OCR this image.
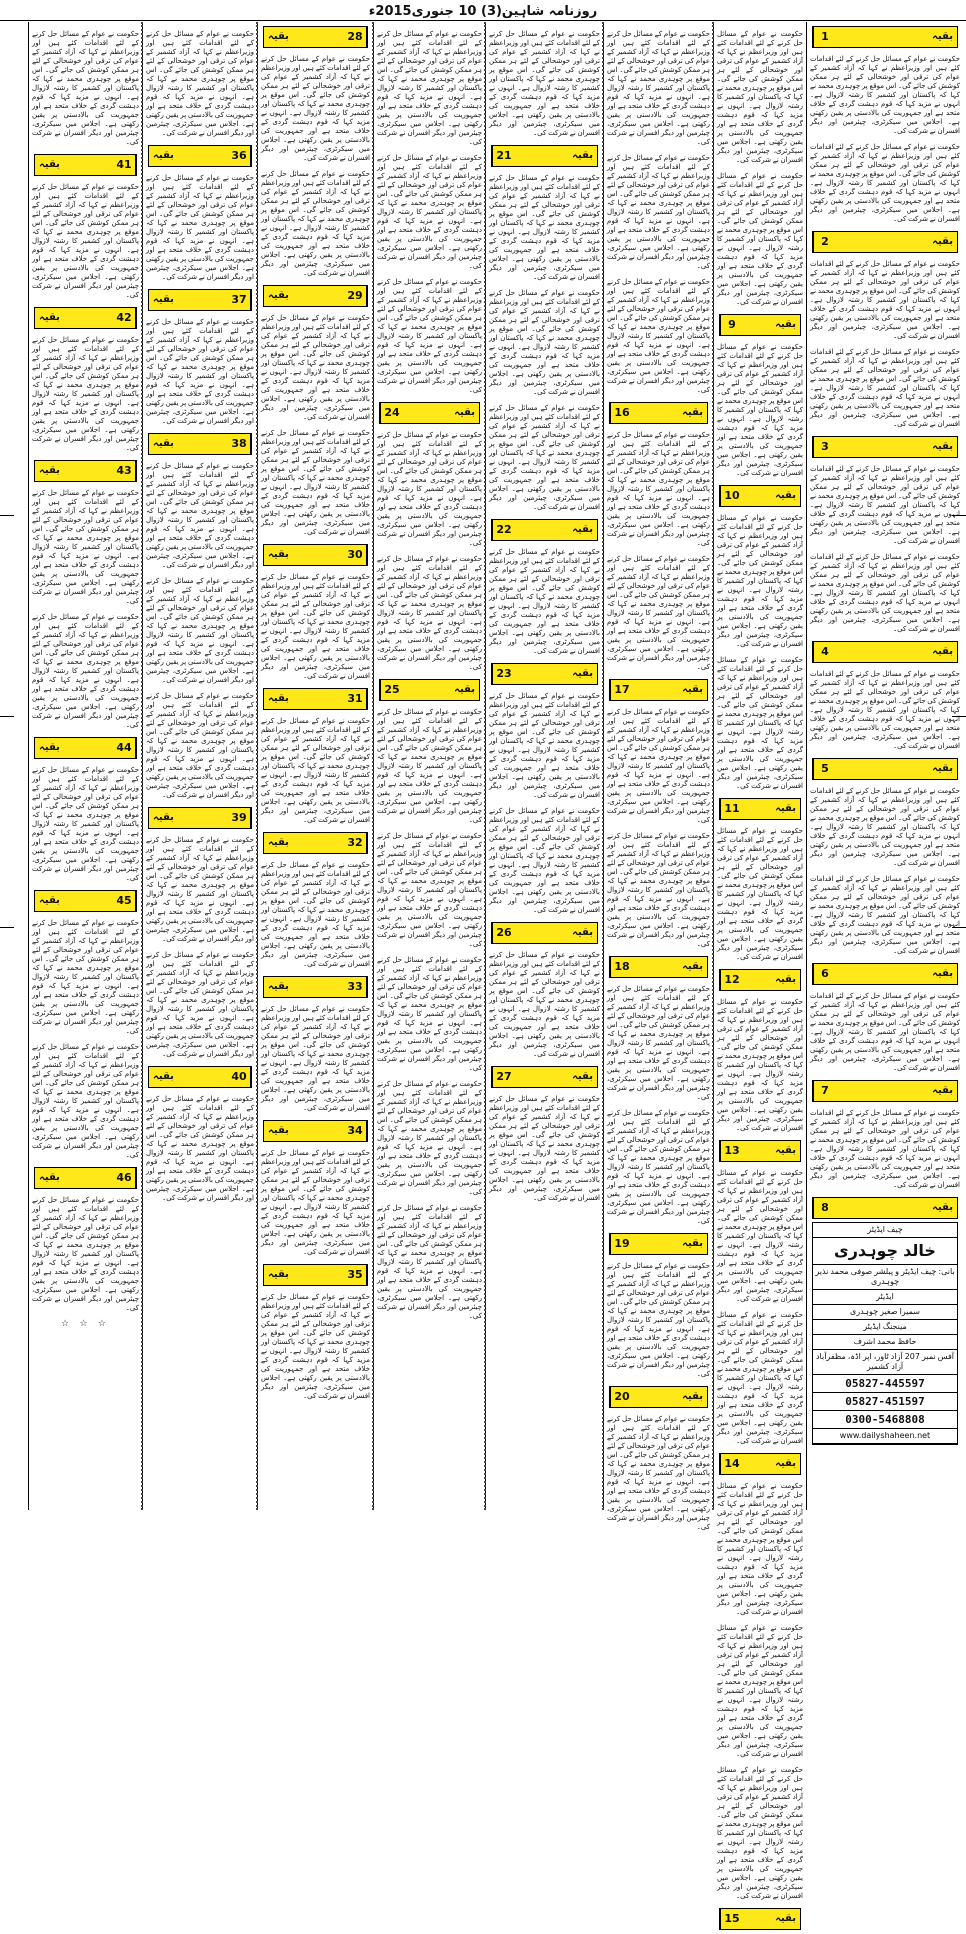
روزنامہ شاہین(3) 10 جنوری2015ء
1	بقیہ

حکومت نے عوام کے مسائل حل کرنے کے لئے اقدامات کئے ہیں اور وزیراعظم نے کہا کہ آزاد کشمیر کے عوام کی ترقی اور خوشحالی کے لئے ہر ممکن کوشش کی جائے گی۔ اس موقع پر چوہدری محمد نے کہا کہ پاکستان اور کشمیر کا رشتہ لازوال ہے۔ انہوں نے مزید کہا کہ قوم دہشت گردی کے خلاف متحد ہے اور جمہوریت کی بالادستی پر یقین رکھتی ہے۔ اجلاس میں سیکرٹری، چیئرمین اور دیگر افسران نے شرکت کی۔

حکومت نے عوام کے مسائل حل کرنے کے لئے اقدامات کئے ہیں اور وزیراعظم نے کہا کہ آزاد کشمیر کے عوام کی ترقی اور خوشحالی کے لئے ہر ممکن کوشش کی جائے گی۔ اس موقع پر چوہدری محمد نے کہا کہ پاکستان اور کشمیر کا رشتہ لازوال ہے۔ انہوں نے مزید کہا کہ قوم دہشت گردی کے خلاف متحد ہے اور جمہوریت کی بالادستی پر یقین رکھتی ہے۔ اجلاس میں سیکرٹری، چیئرمین اور دیگر افسران نے شرکت کی۔

2	بقیہ

حکومت نے عوام کے مسائل حل کرنے کے لئے اقدامات کئے ہیں اور وزیراعظم نے کہا کہ آزاد کشمیر کے عوام کی ترقی اور خوشحالی کے لئے ہر ممکن کوشش کی جائے گی۔ اس موقع پر چوہدری محمد نے کہا کہ پاکستان اور کشمیر کا رشتہ لازوال ہے۔ انہوں نے مزید کہا کہ قوم دہشت گردی کے خلاف متحد ہے اور جمہوریت کی بالادستی پر یقین رکھتی ہے۔ اجلاس میں سیکرٹری، چیئرمین اور دیگر افسران نے شرکت کی۔

حکومت نے عوام کے مسائل حل کرنے کے لئے اقدامات کئے ہیں اور وزیراعظم نے کہا کہ آزاد کشمیر کے عوام کی ترقی اور خوشحالی کے لئے ہر ممکن کوشش کی جائے گی۔ اس موقع پر چوہدری محمد نے کہا کہ پاکستان اور کشمیر کا رشتہ لازوال ہے۔ انہوں نے مزید کہا کہ قوم دہشت گردی کے خلاف متحد ہے اور جمہوریت کی بالادستی پر یقین رکھتی ہے۔ اجلاس میں سیکرٹری، چیئرمین اور دیگر افسران نے شرکت کی۔

3	بقیہ

حکومت نے عوام کے مسائل حل کرنے کے لئے اقدامات کئے ہیں اور وزیراعظم نے کہا کہ آزاد کشمیر کے عوام کی ترقی اور خوشحالی کے لئے ہر ممکن کوشش کی جائے گی۔ اس موقع پر چوہدری محمد نے کہا کہ پاکستان اور کشمیر کا رشتہ لازوال ہے۔ انہوں نے مزید کہا کہ قوم دہشت گردی کے خلاف متحد ہے اور جمہوریت کی بالادستی پر یقین رکھتی ہے۔ اجلاس میں سیکرٹری، چیئرمین اور دیگر افسران نے شرکت کی۔

حکومت نے عوام کے مسائل حل کرنے کے لئے اقدامات کئے ہیں اور وزیراعظم نے کہا کہ آزاد کشمیر کے عوام کی ترقی اور خوشحالی کے لئے ہر ممکن کوشش کی جائے گی۔ اس موقع پر چوہدری محمد نے کہا کہ پاکستان اور کشمیر کا رشتہ لازوال ہے۔ انہوں نے مزید کہا کہ قوم دہشت گردی کے خلاف متحد ہے اور جمہوریت کی بالادستی پر یقین رکھتی ہے۔ اجلاس میں سیکرٹری، چیئرمین اور دیگر افسران نے شرکت کی۔

4	بقیہ

حکومت نے عوام کے مسائل حل کرنے کے لئے اقدامات کئے ہیں اور وزیراعظم نے کہا کہ آزاد کشمیر کے عوام کی ترقی اور خوشحالی کے لئے ہر ممکن کوشش کی جائے گی۔ اس موقع پر چوہدری محمد نے کہا کہ پاکستان اور کشمیر کا رشتہ لازوال ہے۔ انہوں نے مزید کہا کہ قوم دہشت گردی کے خلاف متحد ہے اور جمہوریت کی بالادستی پر یقین رکھتی ہے۔ اجلاس میں سیکرٹری، چیئرمین اور دیگر افسران نے شرکت کی۔

5	بقیہ

حکومت نے عوام کے مسائل حل کرنے کے لئے اقدامات کئے ہیں اور وزیراعظم نے کہا کہ آزاد کشمیر کے عوام کی ترقی اور خوشحالی کے لئے ہر ممکن کوشش کی جائے گی۔ اس موقع پر چوہدری محمد نے کہا کہ پاکستان اور کشمیر کا رشتہ لازوال ہے۔ انہوں نے مزید کہا کہ قوم دہشت گردی کے خلاف متحد ہے اور جمہوریت کی بالادستی پر یقین رکھتی ہے۔ اجلاس میں سیکرٹری، چیئرمین اور دیگر افسران نے شرکت کی۔

حکومت نے عوام کے مسائل حل کرنے کے لئے اقدامات کئے ہیں اور وزیراعظم نے کہا کہ آزاد کشمیر کے عوام کی ترقی اور خوشحالی کے لئے ہر ممکن کوشش کی جائے گی۔ اس موقع پر چوہدری محمد نے کہا کہ پاکستان اور کشمیر کا رشتہ لازوال ہے۔ انہوں نے مزید کہا کہ قوم دہشت گردی کے خلاف متحد ہے اور جمہوریت کی بالادستی پر یقین رکھتی ہے۔ اجلاس میں سیکرٹری، چیئرمین اور دیگر افسران نے شرکت کی۔

6	بقیہ

حکومت نے عوام کے مسائل حل کرنے کے لئے اقدامات کئے ہیں اور وزیراعظم نے کہا کہ آزاد کشمیر کے عوام کی ترقی اور خوشحالی کے لئے ہر ممکن کوشش کی جائے گی۔ اس موقع پر چوہدری محمد نے کہا کہ پاکستان اور کشمیر کا رشتہ لازوال ہے۔ انہوں نے مزید کہا کہ قوم دہشت گردی کے خلاف متحد ہے اور جمہوریت کی بالادستی پر یقین رکھتی ہے۔ اجلاس میں سیکرٹری، چیئرمین اور دیگر افسران نے شرکت کی۔

7	بقیہ

حکومت نے عوام کے مسائل حل کرنے کے لئے اقدامات کئے ہیں اور وزیراعظم نے کہا کہ آزاد کشمیر کے عوام کی ترقی اور خوشحالی کے لئے ہر ممکن کوشش کی جائے گی۔ اس موقع پر چوہدری محمد نے کہا کہ پاکستان اور کشمیر کا رشتہ لازوال ہے۔ انہوں نے مزید کہا کہ قوم دہشت گردی کے خلاف متحد ہے اور جمہوریت کی بالادستی پر یقین رکھتی ہے۔ اجلاس میں سیکرٹری، چیئرمین اور دیگر افسران نے شرکت کی۔

8	بقیہ
چیف ایڈیٹر
خالد چوہدری
بانی: چیف ایڈیٹر و پبلشر صوفی محمد نذیر چوہدری
ایڈیٹر
سمیرا صغیر چوہدری
مینجنگ ایڈیٹر
حافظ محمد اشرف
آفس نمبر 207 آزاد ٹاور، اپر اڈہ، مظفرآباد آزاد کشمیر
05827-445597
05827-451597
0300-5468808
www.dailyshaheen.net

حکومت نے عوام کے مسائل حل کرنے کے لئے اقدامات کئے ہیں اور وزیراعظم نے کہا کہ آزاد کشمیر کے عوام کی ترقی اور خوشحالی کے لئے ہر ممکن کوشش کی جائے گی۔ اس موقع پر چوہدری محمد نے کہا کہ پاکستان اور کشمیر کا رشتہ لازوال ہے۔ انہوں نے مزید کہا کہ قوم دہشت گردی کے خلاف متحد ہے اور جمہوریت کی بالادستی پر یقین رکھتی ہے۔ اجلاس میں سیکرٹری، چیئرمین اور دیگر افسران نے شرکت کی۔

حکومت نے عوام کے مسائل حل کرنے کے لئے اقدامات کئے ہیں اور وزیراعظم نے کہا کہ آزاد کشمیر کے عوام کی ترقی اور خوشحالی کے لئے ہر ممکن کوشش کی جائے گی۔ اس موقع پر چوہدری محمد نے کہا کہ پاکستان اور کشمیر کا رشتہ لازوال ہے۔ انہوں نے مزید کہا کہ قوم دہشت گردی کے خلاف متحد ہے اور جمہوریت کی بالادستی پر یقین رکھتی ہے۔ اجلاس میں سیکرٹری، چیئرمین اور دیگر افسران نے شرکت کی۔

9	بقیہ

حکومت نے عوام کے مسائل حل کرنے کے لئے اقدامات کئے ہیں اور وزیراعظم نے کہا کہ آزاد کشمیر کے عوام کی ترقی اور خوشحالی کے لئے ہر ممکن کوشش کی جائے گی۔ اس موقع پر چوہدری محمد نے کہا کہ پاکستان اور کشمیر کا رشتہ لازوال ہے۔ انہوں نے مزید کہا کہ قوم دہشت گردی کے خلاف متحد ہے اور جمہوریت کی بالادستی پر یقین رکھتی ہے۔ اجلاس میں سیکرٹری، چیئرمین اور دیگر افسران نے شرکت کی۔

10	بقیہ

حکومت نے عوام کے مسائل حل کرنے کے لئے اقدامات کئے ہیں اور وزیراعظم نے کہا کہ آزاد کشمیر کے عوام کی ترقی اور خوشحالی کے لئے ہر ممکن کوشش کی جائے گی۔ اس موقع پر چوہدری محمد نے کہا کہ پاکستان اور کشمیر کا رشتہ لازوال ہے۔ انہوں نے مزید کہا کہ قوم دہشت گردی کے خلاف متحد ہے اور جمہوریت کی بالادستی پر یقین رکھتی ہے۔ اجلاس میں سیکرٹری، چیئرمین اور دیگر افسران نے شرکت کی۔

حکومت نے عوام کے مسائل حل کرنے کے لئے اقدامات کئے ہیں اور وزیراعظم نے کہا کہ آزاد کشمیر کے عوام کی ترقی اور خوشحالی کے لئے ہر ممکن کوشش کی جائے گی۔ اس موقع پر چوہدری محمد نے کہا کہ پاکستان اور کشمیر کا رشتہ لازوال ہے۔ انہوں نے مزید کہا کہ قوم دہشت گردی کے خلاف متحد ہے اور جمہوریت کی بالادستی پر یقین رکھتی ہے۔ اجلاس میں سیکرٹری، چیئرمین اور دیگر افسران نے شرکت کی۔

11	بقیہ

حکومت نے عوام کے مسائل حل کرنے کے لئے اقدامات کئے ہیں اور وزیراعظم نے کہا کہ آزاد کشمیر کے عوام کی ترقی اور خوشحالی کے لئے ہر ممکن کوشش کی جائے گی۔ اس موقع پر چوہدری محمد نے کہا کہ پاکستان اور کشمیر کا رشتہ لازوال ہے۔ انہوں نے مزید کہا کہ قوم دہشت گردی کے خلاف متحد ہے اور جمہوریت کی بالادستی پر یقین رکھتی ہے۔ اجلاس میں سیکرٹری، چیئرمین اور دیگر افسران نے شرکت کی۔

12	بقیہ

حکومت نے عوام کے مسائل حل کرنے کے لئے اقدامات کئے ہیں اور وزیراعظم نے کہا کہ آزاد کشمیر کے عوام کی ترقی اور خوشحالی کے لئے ہر ممکن کوشش کی جائے گی۔ اس موقع پر چوہدری محمد نے کہا کہ پاکستان اور کشمیر کا رشتہ لازوال ہے۔ انہوں نے مزید کہا کہ قوم دہشت گردی کے خلاف متحد ہے اور جمہوریت کی بالادستی پر یقین رکھتی ہے۔ اجلاس میں سیکرٹری، چیئرمین اور دیگر افسران نے شرکت کی۔

13	بقیہ

حکومت نے عوام کے مسائل حل کرنے کے لئے اقدامات کئے ہیں اور وزیراعظم نے کہا کہ آزاد کشمیر کے عوام کی ترقی اور خوشحالی کے لئے ہر ممکن کوشش کی جائے گی۔ اس موقع پر چوہدری محمد نے کہا کہ پاکستان اور کشمیر کا رشتہ لازوال ہے۔ انہوں نے مزید کہا کہ قوم دہشت گردی کے خلاف متحد ہے اور جمہوریت کی بالادستی پر یقین رکھتی ہے۔ اجلاس میں سیکرٹری، چیئرمین اور دیگر افسران نے شرکت کی۔

حکومت نے عوام کے مسائل حل کرنے کے لئے اقدامات کئے ہیں اور وزیراعظم نے کہا کہ آزاد کشمیر کے عوام کی ترقی اور خوشحالی کے لئے ہر ممکن کوشش کی جائے گی۔ اس موقع پر چوہدری محمد نے کہا کہ پاکستان اور کشمیر کا رشتہ لازوال ہے۔ انہوں نے مزید کہا کہ قوم دہشت گردی کے خلاف متحد ہے اور جمہوریت کی بالادستی پر یقین رکھتی ہے۔ اجلاس میں سیکرٹری، چیئرمین اور دیگر افسران نے شرکت کی۔

14	بقیہ

حکومت نے عوام کے مسائل حل کرنے کے لئے اقدامات کئے ہیں اور وزیراعظم نے کہا کہ آزاد کشمیر کے عوام کی ترقی اور خوشحالی کے لئے ہر ممکن کوشش کی جائے گی۔ اس موقع پر چوہدری محمد نے کہا کہ پاکستان اور کشمیر کا رشتہ لازوال ہے۔ انہوں نے مزید کہا کہ قوم دہشت گردی کے خلاف متحد ہے اور جمہوریت کی بالادستی پر یقین رکھتی ہے۔ اجلاس میں سیکرٹری، چیئرمین اور دیگر افسران نے شرکت کی۔

حکومت نے عوام کے مسائل حل کرنے کے لئے اقدامات کئے ہیں اور وزیراعظم نے کہا کہ آزاد کشمیر کے عوام کی ترقی اور خوشحالی کے لئے ہر ممکن کوشش کی جائے گی۔ اس موقع پر چوہدری محمد نے کہا کہ پاکستان اور کشمیر کا رشتہ لازوال ہے۔ انہوں نے مزید کہا کہ قوم دہشت گردی کے خلاف متحد ہے اور جمہوریت کی بالادستی پر یقین رکھتی ہے۔ اجلاس میں سیکرٹری، چیئرمین اور دیگر افسران نے شرکت کی۔

حکومت نے عوام کے مسائل حل کرنے کے لئے اقدامات کئے ہیں اور وزیراعظم نے کہا کہ آزاد کشمیر کے عوام کی ترقی اور خوشحالی کے لئے ہر ممکن کوشش کی جائے گی۔ اس موقع پر چوہدری محمد نے کہا کہ پاکستان اور کشمیر کا رشتہ لازوال ہے۔ انہوں نے مزید کہا کہ قوم دہشت گردی کے خلاف متحد ہے اور جمہوریت کی بالادستی پر یقین رکھتی ہے۔ اجلاس میں سیکرٹری، چیئرمین اور دیگر افسران نے شرکت کی۔

15	بقیہ

حکومت نے عوام کے مسائل حل کرنے کے لئے اقدامات کئے ہیں اور وزیراعظم نے کہا کہ آزاد کشمیر کے عوام کی ترقی اور خوشحالی کے لئے ہر ممکن کوشش کی جائے گی۔ اس موقع پر چوہدری محمد نے کہا کہ پاکستان اور کشمیر کا رشتہ لازوال ہے۔ انہوں نے مزید کہا کہ قوم دہشت گردی کے خلاف متحد ہے اور جمہوریت کی بالادستی پر یقین رکھتی ہے۔ اجلاس میں سیکرٹری، چیئرمین اور دیگر افسران نے شرکت کی۔

حکومت نے عوام کے مسائل حل کرنے کے لئے اقدامات کئے ہیں اور وزیراعظم نے کہا کہ آزاد کشمیر کے عوام کی ترقی اور خوشحالی کے لئے ہر ممکن کوشش کی جائے گی۔ اس موقع پر چوہدری محمد نے کہا کہ پاکستان اور کشمیر کا رشتہ لازوال ہے۔ انہوں نے مزید کہا کہ قوم دہشت گردی کے خلاف متحد ہے اور جمہوریت کی بالادستی پر یقین رکھتی ہے۔ اجلاس میں سیکرٹری، چیئرمین اور دیگر افسران نے شرکت کی۔

حکومت نے عوام کے مسائل حل کرنے کے لئے اقدامات کئے ہیں اور وزیراعظم نے کہا کہ آزاد کشمیر کے عوام کی ترقی اور خوشحالی کے لئے ہر ممکن کوشش کی جائے گی۔ اس موقع پر چوہدری محمد نے کہا کہ پاکستان اور کشمیر کا رشتہ لازوال ہے۔ انہوں نے مزید کہا کہ قوم دہشت گردی کے خلاف متحد ہے اور جمہوریت کی بالادستی پر یقین رکھتی ہے۔ اجلاس میں سیکرٹری، چیئرمین اور دیگر افسران نے شرکت کی۔

16	بقیہ

حکومت نے عوام کے مسائل حل کرنے کے لئے اقدامات کئے ہیں اور وزیراعظم نے کہا کہ آزاد کشمیر کے عوام کی ترقی اور خوشحالی کے لئے ہر ممکن کوشش کی جائے گی۔ اس موقع پر چوہدری محمد نے کہا کہ پاکستان اور کشمیر کا رشتہ لازوال ہے۔ انہوں نے مزید کہا کہ قوم دہشت گردی کے خلاف متحد ہے اور جمہوریت کی بالادستی پر یقین رکھتی ہے۔ اجلاس میں سیکرٹری، چیئرمین اور دیگر افسران نے شرکت کی۔

حکومت نے عوام کے مسائل حل کرنے کے لئے اقدامات کئے ہیں اور وزیراعظم نے کہا کہ آزاد کشمیر کے عوام کی ترقی اور خوشحالی کے لئے ہر ممکن کوشش کی جائے گی۔ اس موقع پر چوہدری محمد نے کہا کہ پاکستان اور کشمیر کا رشتہ لازوال ہے۔ انہوں نے مزید کہا کہ قوم دہشت گردی کے خلاف متحد ہے اور جمہوریت کی بالادستی پر یقین رکھتی ہے۔ اجلاس میں سیکرٹری، چیئرمین اور دیگر افسران نے شرکت کی۔

17	بقیہ

حکومت نے عوام کے مسائل حل کرنے کے لئے اقدامات کئے ہیں اور وزیراعظم نے کہا کہ آزاد کشمیر کے عوام کی ترقی اور خوشحالی کے لئے ہر ممکن کوشش کی جائے گی۔ اس موقع پر چوہدری محمد نے کہا کہ پاکستان اور کشمیر کا رشتہ لازوال ہے۔ انہوں نے مزید کہا کہ قوم دہشت گردی کے خلاف متحد ہے اور جمہوریت کی بالادستی پر یقین رکھتی ہے۔ اجلاس میں سیکرٹری، چیئرمین اور دیگر افسران نے شرکت کی۔

حکومت نے عوام کے مسائل حل کرنے کے لئے اقدامات کئے ہیں اور وزیراعظم نے کہا کہ آزاد کشمیر کے عوام کی ترقی اور خوشحالی کے لئے ہر ممکن کوشش کی جائے گی۔ اس موقع پر چوہدری محمد نے کہا کہ پاکستان اور کشمیر کا رشتہ لازوال ہے۔ انہوں نے مزید کہا کہ قوم دہشت گردی کے خلاف متحد ہے اور جمہوریت کی بالادستی پر یقین رکھتی ہے۔ اجلاس میں سیکرٹری، چیئرمین اور دیگر افسران نے شرکت کی۔

18	بقیہ

حکومت نے عوام کے مسائل حل کرنے کے لئے اقدامات کئے ہیں اور وزیراعظم نے کہا کہ آزاد کشمیر کے عوام کی ترقی اور خوشحالی کے لئے ہر ممکن کوشش کی جائے گی۔ اس موقع پر چوہدری محمد نے کہا کہ پاکستان اور کشمیر کا رشتہ لازوال ہے۔ انہوں نے مزید کہا کہ قوم دہشت گردی کے خلاف متحد ہے اور جمہوریت کی بالادستی پر یقین رکھتی ہے۔ اجلاس میں سیکرٹری، چیئرمین اور دیگر افسران نے شرکت کی۔

حکومت نے عوام کے مسائل حل کرنے کے لئے اقدامات کئے ہیں اور وزیراعظم نے کہا کہ آزاد کشمیر کے عوام کی ترقی اور خوشحالی کے لئے ہر ممکن کوشش کی جائے گی۔ اس موقع پر چوہدری محمد نے کہا کہ پاکستان اور کشمیر کا رشتہ لازوال ہے۔ انہوں نے مزید کہا کہ قوم دہشت گردی کے خلاف متحد ہے اور جمہوریت کی بالادستی پر یقین رکھتی ہے۔ اجلاس میں سیکرٹری، چیئرمین اور دیگر افسران نے شرکت کی۔

19	بقیہ

حکومت نے عوام کے مسائل حل کرنے کے لئے اقدامات کئے ہیں اور وزیراعظم نے کہا کہ آزاد کشمیر کے عوام کی ترقی اور خوشحالی کے لئے ہر ممکن کوشش کی جائے گی۔ اس موقع پر چوہدری محمد نے کہا کہ پاکستان اور کشمیر کا رشتہ لازوال ہے۔ انہوں نے مزید کہا کہ قوم دہشت گردی کے خلاف متحد ہے اور جمہوریت کی بالادستی پر یقین رکھتی ہے۔ اجلاس میں سیکرٹری، چیئرمین اور دیگر افسران نے شرکت کی۔

20	بقیہ

حکومت نے عوام کے مسائل حل کرنے کے لئے اقدامات کئے ہیں اور وزیراعظم نے کہا کہ آزاد کشمیر کے عوام کی ترقی اور خوشحالی کے لئے ہر ممکن کوشش کی جائے گی۔ اس موقع پر چوہدری محمد نے کہا کہ پاکستان اور کشمیر کا رشتہ لازوال ہے۔ انہوں نے مزید کہا کہ قوم دہشت گردی کے خلاف متحد ہے اور جمہوریت کی بالادستی پر یقین رکھتی ہے۔ اجلاس میں سیکرٹری، چیئرمین اور دیگر افسران نے شرکت کی۔

حکومت نے عوام کے مسائل حل کرنے کے لئے اقدامات کئے ہیں اور وزیراعظم نے کہا کہ آزاد کشمیر کے عوام کی ترقی اور خوشحالی کے لئے ہر ممکن کوشش کی جائے گی۔ اس موقع پر چوہدری محمد نے کہا کہ پاکستان اور کشمیر کا رشتہ لازوال ہے۔ انہوں نے مزید کہا کہ قوم دہشت گردی کے خلاف متحد ہے اور جمہوریت کی بالادستی پر یقین رکھتی ہے۔ اجلاس میں سیکرٹری، چیئرمین اور دیگر افسران نے شرکت کی۔

21	بقیہ

حکومت نے عوام کے مسائل حل کرنے کے لئے اقدامات کئے ہیں اور وزیراعظم نے کہا کہ آزاد کشمیر کے عوام کی ترقی اور خوشحالی کے لئے ہر ممکن کوشش کی جائے گی۔ اس موقع پر چوہدری محمد نے کہا کہ پاکستان اور کشمیر کا رشتہ لازوال ہے۔ انہوں نے مزید کہا کہ قوم دہشت گردی کے خلاف متحد ہے اور جمہوریت کی بالادستی پر یقین رکھتی ہے۔ اجلاس میں سیکرٹری، چیئرمین اور دیگر افسران نے شرکت کی۔

حکومت نے عوام کے مسائل حل کرنے کے لئے اقدامات کئے ہیں اور وزیراعظم نے کہا کہ آزاد کشمیر کے عوام کی ترقی اور خوشحالی کے لئے ہر ممکن کوشش کی جائے گی۔ اس موقع پر چوہدری محمد نے کہا کہ پاکستان اور کشمیر کا رشتہ لازوال ہے۔ انہوں نے مزید کہا کہ قوم دہشت گردی کے خلاف متحد ہے اور جمہوریت کی بالادستی پر یقین رکھتی ہے۔ اجلاس میں سیکرٹری، چیئرمین اور دیگر افسران نے شرکت کی۔

حکومت نے عوام کے مسائل حل کرنے کے لئے اقدامات کئے ہیں اور وزیراعظم نے کہا کہ آزاد کشمیر کے عوام کی ترقی اور خوشحالی کے لئے ہر ممکن کوشش کی جائے گی۔ اس موقع پر چوہدری محمد نے کہا کہ پاکستان اور کشمیر کا رشتہ لازوال ہے۔ انہوں نے مزید کہا کہ قوم دہشت گردی کے خلاف متحد ہے اور جمہوریت کی بالادستی پر یقین رکھتی ہے۔ اجلاس میں سیکرٹری، چیئرمین اور دیگر افسران نے شرکت کی۔

22	بقیہ

حکومت نے عوام کے مسائل حل کرنے کے لئے اقدامات کئے ہیں اور وزیراعظم نے کہا کہ آزاد کشمیر کے عوام کی ترقی اور خوشحالی کے لئے ہر ممکن کوشش کی جائے گی۔ اس موقع پر چوہدری محمد نے کہا کہ پاکستان اور کشمیر کا رشتہ لازوال ہے۔ انہوں نے مزید کہا کہ قوم دہشت گردی کے خلاف متحد ہے اور جمہوریت کی بالادستی پر یقین رکھتی ہے۔ اجلاس میں سیکرٹری، چیئرمین اور دیگر افسران نے شرکت کی۔

23	بقیہ

حکومت نے عوام کے مسائل حل کرنے کے لئے اقدامات کئے ہیں اور وزیراعظم نے کہا کہ آزاد کشمیر کے عوام کی ترقی اور خوشحالی کے لئے ہر ممکن کوشش کی جائے گی۔ اس موقع پر چوہدری محمد نے کہا کہ پاکستان اور کشمیر کا رشتہ لازوال ہے۔ انہوں نے مزید کہا کہ قوم دہشت گردی کے خلاف متحد ہے اور جمہوریت کی بالادستی پر یقین رکھتی ہے۔ اجلاس میں سیکرٹری، چیئرمین اور دیگر افسران نے شرکت کی۔

حکومت نے عوام کے مسائل حل کرنے کے لئے اقدامات کئے ہیں اور وزیراعظم نے کہا کہ آزاد کشمیر کے عوام کی ترقی اور خوشحالی کے لئے ہر ممکن کوشش کی جائے گی۔ اس موقع پر چوہدری محمد نے کہا کہ پاکستان اور کشمیر کا رشتہ لازوال ہے۔ انہوں نے مزید کہا کہ قوم دہشت گردی کے خلاف متحد ہے اور جمہوریت کی بالادستی پر یقین رکھتی ہے۔ اجلاس میں سیکرٹری، چیئرمین اور دیگر افسران نے شرکت کی۔

26	بقیہ

حکومت نے عوام کے مسائل حل کرنے کے لئے اقدامات کئے ہیں اور وزیراعظم نے کہا کہ آزاد کشمیر کے عوام کی ترقی اور خوشحالی کے لئے ہر ممکن کوشش کی جائے گی۔ اس موقع پر چوہدری محمد نے کہا کہ پاکستان اور کشمیر کا رشتہ لازوال ہے۔ انہوں نے مزید کہا کہ قوم دہشت گردی کے خلاف متحد ہے اور جمہوریت کی بالادستی پر یقین رکھتی ہے۔ اجلاس میں سیکرٹری، چیئرمین اور دیگر افسران نے شرکت کی۔

27	بقیہ

حکومت نے عوام کے مسائل حل کرنے کے لئے اقدامات کئے ہیں اور وزیراعظم نے کہا کہ آزاد کشمیر کے عوام کی ترقی اور خوشحالی کے لئے ہر ممکن کوشش کی جائے گی۔ اس موقع پر چوہدری محمد نے کہا کہ پاکستان اور کشمیر کا رشتہ لازوال ہے۔ انہوں نے مزید کہا کہ قوم دہشت گردی کے خلاف متحد ہے اور جمہوریت کی بالادستی پر یقین رکھتی ہے۔ اجلاس میں سیکرٹری، چیئرمین اور دیگر افسران نے شرکت کی۔

حکومت نے عوام کے مسائل حل کرنے کے لئے اقدامات کئے ہیں اور وزیراعظم نے کہا کہ آزاد کشمیر کے عوام کی ترقی اور خوشحالی کے لئے ہر ممکن کوشش کی جائے گی۔ اس موقع پر چوہدری محمد نے کہا کہ پاکستان اور کشمیر کا رشتہ لازوال ہے۔ انہوں نے مزید کہا کہ قوم دہشت گردی کے خلاف متحد ہے اور جمہوریت کی بالادستی پر یقین رکھتی ہے۔ اجلاس میں سیکرٹری، چیئرمین اور دیگر افسران نے شرکت کی۔

حکومت نے عوام کے مسائل حل کرنے کے لئے اقدامات کئے ہیں اور وزیراعظم نے کہا کہ آزاد کشمیر کے عوام کی ترقی اور خوشحالی کے لئے ہر ممکن کوشش کی جائے گی۔ اس موقع پر چوہدری محمد نے کہا کہ پاکستان اور کشمیر کا رشتہ لازوال ہے۔ انہوں نے مزید کہا کہ قوم دہشت گردی کے خلاف متحد ہے اور جمہوریت کی بالادستی پر یقین رکھتی ہے۔ اجلاس میں سیکرٹری، چیئرمین اور دیگر افسران نے شرکت کی۔

حکومت نے عوام کے مسائل حل کرنے کے لئے اقدامات کئے ہیں اور وزیراعظم نے کہا کہ آزاد کشمیر کے عوام کی ترقی اور خوشحالی کے لئے ہر ممکن کوشش کی جائے گی۔ اس موقع پر چوہدری محمد نے کہا کہ پاکستان اور کشمیر کا رشتہ لازوال ہے۔ انہوں نے مزید کہا کہ قوم دہشت گردی کے خلاف متحد ہے اور جمہوریت کی بالادستی پر یقین رکھتی ہے۔ اجلاس میں سیکرٹری، چیئرمین اور دیگر افسران نے شرکت کی۔

24	بقیہ

حکومت نے عوام کے مسائل حل کرنے کے لئے اقدامات کئے ہیں اور وزیراعظم نے کہا کہ آزاد کشمیر کے عوام کی ترقی اور خوشحالی کے لئے ہر ممکن کوشش کی جائے گی۔ اس موقع پر چوہدری محمد نے کہا کہ پاکستان اور کشمیر کا رشتہ لازوال ہے۔ انہوں نے مزید کہا کہ قوم دہشت گردی کے خلاف متحد ہے اور جمہوریت کی بالادستی پر یقین رکھتی ہے۔ اجلاس میں سیکرٹری، چیئرمین اور دیگر افسران نے شرکت کی۔

حکومت نے عوام کے مسائل حل کرنے کے لئے اقدامات کئے ہیں اور وزیراعظم نے کہا کہ آزاد کشمیر کے عوام کی ترقی اور خوشحالی کے لئے ہر ممکن کوشش کی جائے گی۔ اس موقع پر چوہدری محمد نے کہا کہ پاکستان اور کشمیر کا رشتہ لازوال ہے۔ انہوں نے مزید کہا کہ قوم دہشت گردی کے خلاف متحد ہے اور جمہوریت کی بالادستی پر یقین رکھتی ہے۔ اجلاس میں سیکرٹری، چیئرمین اور دیگر افسران نے شرکت کی۔

25	بقیہ

حکومت نے عوام کے مسائل حل کرنے کے لئے اقدامات کئے ہیں اور وزیراعظم نے کہا کہ آزاد کشمیر کے عوام کی ترقی اور خوشحالی کے لئے ہر ممکن کوشش کی جائے گی۔ اس موقع پر چوہدری محمد نے کہا کہ پاکستان اور کشمیر کا رشتہ لازوال ہے۔ انہوں نے مزید کہا کہ قوم دہشت گردی کے خلاف متحد ہے اور جمہوریت کی بالادستی پر یقین رکھتی ہے۔ اجلاس میں سیکرٹری، چیئرمین اور دیگر افسران نے شرکت کی۔

حکومت نے عوام کے مسائل حل کرنے کے لئے اقدامات کئے ہیں اور وزیراعظم نے کہا کہ آزاد کشمیر کے عوام کی ترقی اور خوشحالی کے لئے ہر ممکن کوشش کی جائے گی۔ اس موقع پر چوہدری محمد نے کہا کہ پاکستان اور کشمیر کا رشتہ لازوال ہے۔ انہوں نے مزید کہا کہ قوم دہشت گردی کے خلاف متحد ہے اور جمہوریت کی بالادستی پر یقین رکھتی ہے۔ اجلاس میں سیکرٹری، چیئرمین اور دیگر افسران نے شرکت کی۔

حکومت نے عوام کے مسائل حل کرنے کے لئے اقدامات کئے ہیں اور وزیراعظم نے کہا کہ آزاد کشمیر کے عوام کی ترقی اور خوشحالی کے لئے ہر ممکن کوشش کی جائے گی۔ اس موقع پر چوہدری محمد نے کہا کہ پاکستان اور کشمیر کا رشتہ لازوال ہے۔ انہوں نے مزید کہا کہ قوم دہشت گردی کے خلاف متحد ہے اور جمہوریت کی بالادستی پر یقین رکھتی ہے۔ اجلاس میں سیکرٹری، چیئرمین اور دیگر افسران نے شرکت کی۔

حکومت نے عوام کے مسائل حل کرنے کے لئے اقدامات کئے ہیں اور وزیراعظم نے کہا کہ آزاد کشمیر کے عوام کی ترقی اور خوشحالی کے لئے ہر ممکن کوشش کی جائے گی۔ اس موقع پر چوہدری محمد نے کہا کہ پاکستان اور کشمیر کا رشتہ لازوال ہے۔ انہوں نے مزید کہا کہ قوم دہشت گردی کے خلاف متحد ہے اور جمہوریت کی بالادستی پر یقین رکھتی ہے۔ اجلاس میں سیکرٹری، چیئرمین اور دیگر افسران نے شرکت کی۔

حکومت نے عوام کے مسائل حل کرنے کے لئے اقدامات کئے ہیں اور وزیراعظم نے کہا کہ آزاد کشمیر کے عوام کی ترقی اور خوشحالی کے لئے ہر ممکن کوشش کی جائے گی۔ اس موقع پر چوہدری محمد نے کہا کہ پاکستان اور کشمیر کا رشتہ لازوال ہے۔ انہوں نے مزید کہا کہ قوم دہشت گردی کے خلاف متحد ہے اور جمہوریت کی بالادستی پر یقین رکھتی ہے۔ اجلاس میں سیکرٹری، چیئرمین اور دیگر افسران نے شرکت کی۔

28
بقیہ

حکومت نے عوام کے مسائل حل کرنے کے لئے اقدامات کئے ہیں اور وزیراعظم نے کہا کہ آزاد کشمیر کے عوام کی ترقی اور خوشحالی کے لئے ہر ممکن کوشش کی جائے گی۔ اس موقع پر چوہدری محمد نے کہا کہ پاکستان اور کشمیر کا رشتہ لازوال ہے۔ انہوں نے مزید کہا کہ قوم دہشت گردی کے خلاف متحد ہے اور جمہوریت کی بالادستی پر یقین رکھتی ہے۔ اجلاس میں سیکرٹری، چیئرمین اور دیگر افسران نے شرکت کی۔

حکومت نے عوام کے مسائل حل کرنے کے لئے اقدامات کئے ہیں اور وزیراعظم نے کہا کہ آزاد کشمیر کے عوام کی ترقی اور خوشحالی کے لئے ہر ممکن کوشش کی جائے گی۔ اس موقع پر چوہدری محمد نے کہا کہ پاکستان اور کشمیر کا رشتہ لازوال ہے۔ انہوں نے مزید کہا کہ قوم دہشت گردی کے خلاف متحد ہے اور جمہوریت کی بالادستی پر یقین رکھتی ہے۔ اجلاس میں سیکرٹری، چیئرمین اور دیگر افسران نے شرکت کی۔

29
بقیہ

حکومت نے عوام کے مسائل حل کرنے کے لئے اقدامات کئے ہیں اور وزیراعظم نے کہا کہ آزاد کشمیر کے عوام کی ترقی اور خوشحالی کے لئے ہر ممکن کوشش کی جائے گی۔ اس موقع پر چوہدری محمد نے کہا کہ پاکستان اور کشمیر کا رشتہ لازوال ہے۔ انہوں نے مزید کہا کہ قوم دہشت گردی کے خلاف متحد ہے اور جمہوریت کی بالادستی پر یقین رکھتی ہے۔ اجلاس میں سیکرٹری، چیئرمین اور دیگر افسران نے شرکت کی۔

حکومت نے عوام کے مسائل حل کرنے کے لئے اقدامات کئے ہیں اور وزیراعظم نے کہا کہ آزاد کشمیر کے عوام کی ترقی اور خوشحالی کے لئے ہر ممکن کوشش کی جائے گی۔ اس موقع پر چوہدری محمد نے کہا کہ پاکستان اور کشمیر کا رشتہ لازوال ہے۔ انہوں نے مزید کہا کہ قوم دہشت گردی کے خلاف متحد ہے اور جمہوریت کی بالادستی پر یقین رکھتی ہے۔ اجلاس میں سیکرٹری، چیئرمین اور دیگر افسران نے شرکت کی۔

30
بقیہ

حکومت نے عوام کے مسائل حل کرنے کے لئے اقدامات کئے ہیں اور وزیراعظم نے کہا کہ آزاد کشمیر کے عوام کی ترقی اور خوشحالی کے لئے ہر ممکن کوشش کی جائے گی۔ اس موقع پر چوہدری محمد نے کہا کہ پاکستان اور کشمیر کا رشتہ لازوال ہے۔ انہوں نے مزید کہا کہ قوم دہشت گردی کے خلاف متحد ہے اور جمہوریت کی بالادستی پر یقین رکھتی ہے۔ اجلاس میں سیکرٹری، چیئرمین اور دیگر افسران نے شرکت کی۔

31
بقیہ

حکومت نے عوام کے مسائل حل کرنے کے لئے اقدامات کئے ہیں اور وزیراعظم نے کہا کہ آزاد کشمیر کے عوام کی ترقی اور خوشحالی کے لئے ہر ممکن کوشش کی جائے گی۔ اس موقع پر چوہدری محمد نے کہا کہ پاکستان اور کشمیر کا رشتہ لازوال ہے۔ انہوں نے مزید کہا کہ قوم دہشت گردی کے خلاف متحد ہے اور جمہوریت کی بالادستی پر یقین رکھتی ہے۔ اجلاس میں سیکرٹری، چیئرمین اور دیگر افسران نے شرکت کی۔

32
بقیہ

حکومت نے عوام کے مسائل حل کرنے کے لئے اقدامات کئے ہیں اور وزیراعظم نے کہا کہ آزاد کشمیر کے عوام کی ترقی اور خوشحالی کے لئے ہر ممکن کوشش کی جائے گی۔ اس موقع پر چوہدری محمد نے کہا کہ پاکستان اور کشمیر کا رشتہ لازوال ہے۔ انہوں نے مزید کہا کہ قوم دہشت گردی کے خلاف متحد ہے اور جمہوریت کی بالادستی پر یقین رکھتی ہے۔ اجلاس میں سیکرٹری، چیئرمین اور دیگر افسران نے شرکت کی۔

33
بقیہ

حکومت نے عوام کے مسائل حل کرنے کے لئے اقدامات کئے ہیں اور وزیراعظم نے کہا کہ آزاد کشمیر کے عوام کی ترقی اور خوشحالی کے لئے ہر ممکن کوشش کی جائے گی۔ اس موقع پر چوہدری محمد نے کہا کہ پاکستان اور کشمیر کا رشتہ لازوال ہے۔ انہوں نے مزید کہا کہ قوم دہشت گردی کے خلاف متحد ہے اور جمہوریت کی بالادستی پر یقین رکھتی ہے۔ اجلاس میں سیکرٹری، چیئرمین اور دیگر افسران نے شرکت کی۔

34
بقیہ

حکومت نے عوام کے مسائل حل کرنے کے لئے اقدامات کئے ہیں اور وزیراعظم نے کہا کہ آزاد کشمیر کے عوام کی ترقی اور خوشحالی کے لئے ہر ممکن کوشش کی جائے گی۔ اس موقع پر چوہدری محمد نے کہا کہ پاکستان اور کشمیر کا رشتہ لازوال ہے۔ انہوں نے مزید کہا کہ قوم دہشت گردی کے خلاف متحد ہے اور جمہوریت کی بالادستی پر یقین رکھتی ہے۔ اجلاس میں سیکرٹری، چیئرمین اور دیگر افسران نے شرکت کی۔

35
بقیہ

حکومت نے عوام کے مسائل حل کرنے کے لئے اقدامات کئے ہیں اور وزیراعظم نے کہا کہ آزاد کشمیر کے عوام کی ترقی اور خوشحالی کے لئے ہر ممکن کوشش کی جائے گی۔ اس موقع پر چوہدری محمد نے کہا کہ پاکستان اور کشمیر کا رشتہ لازوال ہے۔ انہوں نے مزید کہا کہ قوم دہشت گردی کے خلاف متحد ہے اور جمہوریت کی بالادستی پر یقین رکھتی ہے۔ اجلاس میں سیکرٹری، چیئرمین اور دیگر افسران نے شرکت کی۔

حکومت نے عوام کے مسائل حل کرنے کے لئے اقدامات کئے ہیں اور وزیراعظم نے کہا کہ آزاد کشمیر کے عوام کی ترقی اور خوشحالی کے لئے ہر ممکن کوشش کی جائے گی۔ اس موقع پر چوہدری محمد نے کہا کہ پاکستان اور کشمیر کا رشتہ لازوال ہے۔ انہوں نے مزید کہا کہ قوم دہشت گردی کے خلاف متحد ہے اور جمہوریت کی بالادستی پر یقین رکھتی ہے۔ اجلاس میں سیکرٹری، چیئرمین اور دیگر افسران نے شرکت کی۔

36
بقیہ

حکومت نے عوام کے مسائل حل کرنے کے لئے اقدامات کئے ہیں اور وزیراعظم نے کہا کہ آزاد کشمیر کے عوام کی ترقی اور خوشحالی کے لئے ہر ممکن کوشش کی جائے گی۔ اس موقع پر چوہدری محمد نے کہا کہ پاکستان اور کشمیر کا رشتہ لازوال ہے۔ انہوں نے مزید کہا کہ قوم دہشت گردی کے خلاف متحد ہے اور جمہوریت کی بالادستی پر یقین رکھتی ہے۔ اجلاس میں سیکرٹری، چیئرمین اور دیگر افسران نے شرکت کی۔

37
بقیہ

حکومت نے عوام کے مسائل حل کرنے کے لئے اقدامات کئے ہیں اور وزیراعظم نے کہا کہ آزاد کشمیر کے عوام کی ترقی اور خوشحالی کے لئے ہر ممکن کوشش کی جائے گی۔ اس موقع پر چوہدری محمد نے کہا کہ پاکستان اور کشمیر کا رشتہ لازوال ہے۔ انہوں نے مزید کہا کہ قوم دہشت گردی کے خلاف متحد ہے اور جمہوریت کی بالادستی پر یقین رکھتی ہے۔ اجلاس میں سیکرٹری، چیئرمین اور دیگر افسران نے شرکت کی۔

38
بقیہ

حکومت نے عوام کے مسائل حل کرنے کے لئے اقدامات کئے ہیں اور وزیراعظم نے کہا کہ آزاد کشمیر کے عوام کی ترقی اور خوشحالی کے لئے ہر ممکن کوشش کی جائے گی۔ اس موقع پر چوہدری محمد نے کہا کہ پاکستان اور کشمیر کا رشتہ لازوال ہے۔ انہوں نے مزید کہا کہ قوم دہشت گردی کے خلاف متحد ہے اور جمہوریت کی بالادستی پر یقین رکھتی ہے۔ اجلاس میں سیکرٹری، چیئرمین اور دیگر افسران نے شرکت کی۔

حکومت نے عوام کے مسائل حل کرنے کے لئے اقدامات کئے ہیں اور وزیراعظم نے کہا کہ آزاد کشمیر کے عوام کی ترقی اور خوشحالی کے لئے ہر ممکن کوشش کی جائے گی۔ اس موقع پر چوہدری محمد نے کہا کہ پاکستان اور کشمیر کا رشتہ لازوال ہے۔ انہوں نے مزید کہا کہ قوم دہشت گردی کے خلاف متحد ہے اور جمہوریت کی بالادستی پر یقین رکھتی ہے۔ اجلاس میں سیکرٹری، چیئرمین اور دیگر افسران نے شرکت کی۔

حکومت نے عوام کے مسائل حل کرنے کے لئے اقدامات کئے ہیں اور وزیراعظم نے کہا کہ آزاد کشمیر کے عوام کی ترقی اور خوشحالی کے لئے ہر ممکن کوشش کی جائے گی۔ اس موقع پر چوہدری محمد نے کہا کہ پاکستان اور کشمیر کا رشتہ لازوال ہے۔ انہوں نے مزید کہا کہ قوم دہشت گردی کے خلاف متحد ہے اور جمہوریت کی بالادستی پر یقین رکھتی ہے۔ اجلاس میں سیکرٹری، چیئرمین اور دیگر افسران نے شرکت کی۔

39
بقیہ

حکومت نے عوام کے مسائل حل کرنے کے لئے اقدامات کئے ہیں اور وزیراعظم نے کہا کہ آزاد کشمیر کے عوام کی ترقی اور خوشحالی کے لئے ہر ممکن کوشش کی جائے گی۔ اس موقع پر چوہدری محمد نے کہا کہ پاکستان اور کشمیر کا رشتہ لازوال ہے۔ انہوں نے مزید کہا کہ قوم دہشت گردی کے خلاف متحد ہے اور جمہوریت کی بالادستی پر یقین رکھتی ہے۔ اجلاس میں سیکرٹری، چیئرمین اور دیگر افسران نے شرکت کی۔

حکومت نے عوام کے مسائل حل کرنے کے لئے اقدامات کئے ہیں اور وزیراعظم نے کہا کہ آزاد کشمیر کے عوام کی ترقی اور خوشحالی کے لئے ہر ممکن کوشش کی جائے گی۔ اس موقع پر چوہدری محمد نے کہا کہ پاکستان اور کشمیر کا رشتہ لازوال ہے۔ انہوں نے مزید کہا کہ قوم دہشت گردی کے خلاف متحد ہے اور جمہوریت کی بالادستی پر یقین رکھتی ہے۔ اجلاس میں سیکرٹری، چیئرمین اور دیگر افسران نے شرکت کی۔

40
بقیہ

حکومت نے عوام کے مسائل حل کرنے کے لئے اقدامات کئے ہیں اور وزیراعظم نے کہا کہ آزاد کشمیر کے عوام کی ترقی اور خوشحالی کے لئے ہر ممکن کوشش کی جائے گی۔ اس موقع پر چوہدری محمد نے کہا کہ پاکستان اور کشمیر کا رشتہ لازوال ہے۔ انہوں نے مزید کہا کہ قوم دہشت گردی کے خلاف متحد ہے اور جمہوریت کی بالادستی پر یقین رکھتی ہے۔ اجلاس میں سیکرٹری، چیئرمین اور دیگر افسران نے شرکت کی۔

حکومت نے عوام کے مسائل حل کرنے کے لئے اقدامات کئے ہیں اور وزیراعظم نے کہا کہ آزاد کشمیر کے عوام کی ترقی اور خوشحالی کے لئے ہر ممکن کوشش کی جائے گی۔ اس موقع پر چوہدری محمد نے کہا کہ پاکستان اور کشمیر کا رشتہ لازوال ہے۔ انہوں نے مزید کہا کہ قوم دہشت گردی کے خلاف متحد ہے اور جمہوریت کی بالادستی پر یقین رکھتی ہے۔ اجلاس میں سیکرٹری، چیئرمین اور دیگر افسران نے شرکت کی۔

41
بقیہ

حکومت نے عوام کے مسائل حل کرنے کے لئے اقدامات کئے ہیں اور وزیراعظم نے کہا کہ آزاد کشمیر کے عوام کی ترقی اور خوشحالی کے لئے ہر ممکن کوشش کی جائے گی۔ اس موقع پر چوہدری محمد نے کہا کہ پاکستان اور کشمیر کا رشتہ لازوال ہے۔ انہوں نے مزید کہا کہ قوم دہشت گردی کے خلاف متحد ہے اور جمہوریت کی بالادستی پر یقین رکھتی ہے۔ اجلاس میں سیکرٹری، چیئرمین اور دیگر افسران نے شرکت کی۔

42
بقیہ

حکومت نے عوام کے مسائل حل کرنے کے لئے اقدامات کئے ہیں اور وزیراعظم نے کہا کہ آزاد کشمیر کے عوام کی ترقی اور خوشحالی کے لئے ہر ممکن کوشش کی جائے گی۔ اس موقع پر چوہدری محمد نے کہا کہ پاکستان اور کشمیر کا رشتہ لازوال ہے۔ انہوں نے مزید کہا کہ قوم دہشت گردی کے خلاف متحد ہے اور جمہوریت کی بالادستی پر یقین رکھتی ہے۔ اجلاس میں سیکرٹری، چیئرمین اور دیگر افسران نے شرکت کی۔

43
بقیہ

حکومت نے عوام کے مسائل حل کرنے کے لئے اقدامات کئے ہیں اور وزیراعظم نے کہا کہ آزاد کشمیر کے عوام کی ترقی اور خوشحالی کے لئے ہر ممکن کوشش کی جائے گی۔ اس موقع پر چوہدری محمد نے کہا کہ پاکستان اور کشمیر کا رشتہ لازوال ہے۔ انہوں نے مزید کہا کہ قوم دہشت گردی کے خلاف متحد ہے اور جمہوریت کی بالادستی پر یقین رکھتی ہے۔ اجلاس میں سیکرٹری، چیئرمین اور دیگر افسران نے شرکت کی۔

حکومت نے عوام کے مسائل حل کرنے کے لئے اقدامات کئے ہیں اور وزیراعظم نے کہا کہ آزاد کشمیر کے عوام کی ترقی اور خوشحالی کے لئے ہر ممکن کوشش کی جائے گی۔ اس موقع پر چوہدری محمد نے کہا کہ پاکستان اور کشمیر کا رشتہ لازوال ہے۔ انہوں نے مزید کہا کہ قوم دہشت گردی کے خلاف متحد ہے اور جمہوریت کی بالادستی پر یقین رکھتی ہے۔ اجلاس میں سیکرٹری، چیئرمین اور دیگر افسران نے شرکت کی۔

44
بقیہ

حکومت نے عوام کے مسائل حل کرنے کے لئے اقدامات کئے ہیں اور وزیراعظم نے کہا کہ آزاد کشمیر کے عوام کی ترقی اور خوشحالی کے لئے ہر ممکن کوشش کی جائے گی۔ اس موقع پر چوہدری محمد نے کہا کہ پاکستان اور کشمیر کا رشتہ لازوال ہے۔ انہوں نے مزید کہا کہ قوم دہشت گردی کے خلاف متحد ہے اور جمہوریت کی بالادستی پر یقین رکھتی ہے۔ اجلاس میں سیکرٹری، چیئرمین اور دیگر افسران نے شرکت کی۔

45
بقیہ

حکومت نے عوام کے مسائل حل کرنے کے لئے اقدامات کئے ہیں اور وزیراعظم نے کہا کہ آزاد کشمیر کے عوام کی ترقی اور خوشحالی کے لئے ہر ممکن کوشش کی جائے گی۔ اس موقع پر چوہدری محمد نے کہا کہ پاکستان اور کشمیر کا رشتہ لازوال ہے۔ انہوں نے مزید کہا کہ قوم دہشت گردی کے خلاف متحد ہے اور جمہوریت کی بالادستی پر یقین رکھتی ہے۔ اجلاس میں سیکرٹری، چیئرمین اور دیگر افسران نے شرکت کی۔

حکومت نے عوام کے مسائل حل کرنے کے لئے اقدامات کئے ہیں اور وزیراعظم نے کہا کہ آزاد کشمیر کے عوام کی ترقی اور خوشحالی کے لئے ہر ممکن کوشش کی جائے گی۔ اس موقع پر چوہدری محمد نے کہا کہ پاکستان اور کشمیر کا رشتہ لازوال ہے۔ انہوں نے مزید کہا کہ قوم دہشت گردی کے خلاف متحد ہے اور جمہوریت کی بالادستی پر یقین رکھتی ہے۔ اجلاس میں سیکرٹری، چیئرمین اور دیگر افسران نے شرکت کی۔

46
بقیہ

حکومت نے عوام کے مسائل حل کرنے کے لئے اقدامات کئے ہیں اور وزیراعظم نے کہا کہ آزاد کشمیر کے عوام کی ترقی اور خوشحالی کے لئے ہر ممکن کوشش کی جائے گی۔ اس موقع پر چوہدری محمد نے کہا کہ پاکستان اور کشمیر کا رشتہ لازوال ہے۔ انہوں نے مزید کہا کہ قوم دہشت گردی کے خلاف متحد ہے اور جمہوریت کی بالادستی پر یقین رکھتی ہے۔ اجلاس میں سیکرٹری، چیئرمین اور دیگر افسران نے شرکت کی۔

☆ ☆ ☆
